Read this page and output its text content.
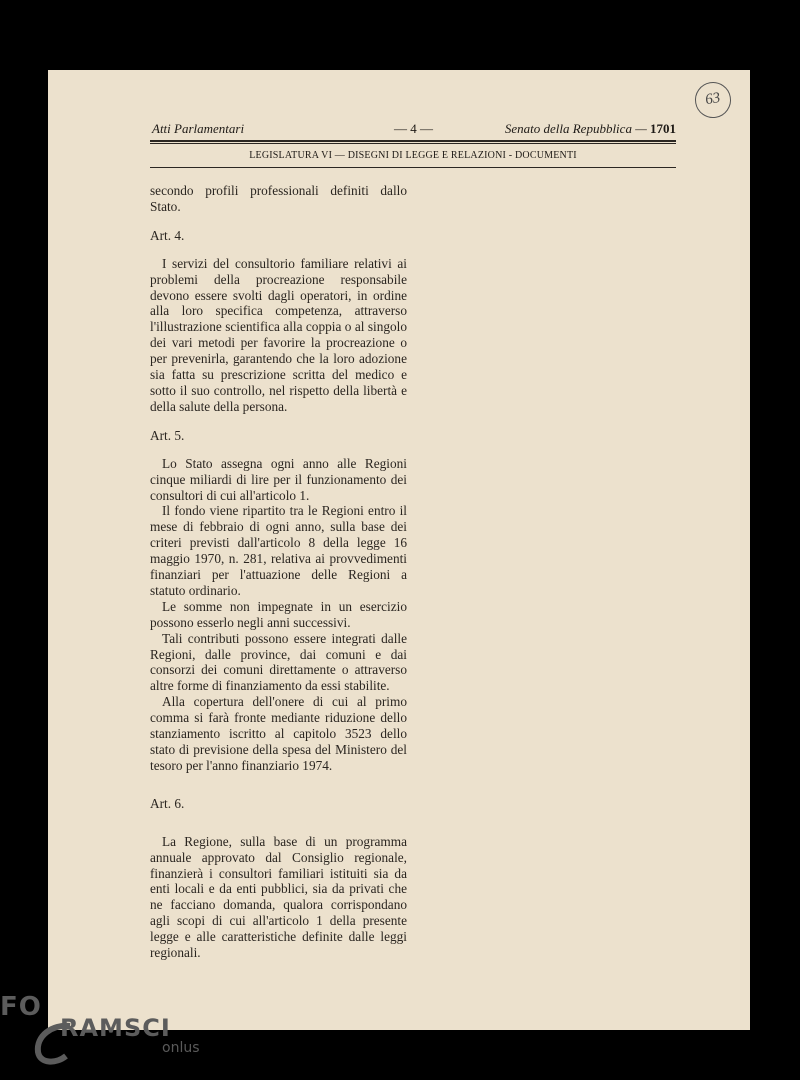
63
Atti Parlamentari	— 4 —	Senato della Repubblica — 1701
LEGISLATURA VI — DISEGNI DI LEGGE E RELAZIONI - DOCUMENTI

secondo profili professionali definiti dallo Stato.

Art. 4.

I servizi del consultorio familiare relativi ai problemi della procreazione responsabile devono essere svolti dagli operatori, in ordine alla loro specifica competenza, attraverso l'illustrazione scientifica alla coppia o al singolo dei vari metodi per favorire la procreazione o per prevenirla, garantendo che la loro adozione sia fatta su prescrizione scritta del medico e sotto il suo controllo, nel rispetto della libertà e della salute della persona.

Art. 5.

Lo Stato assegna ogni anno alle Regioni cinque miliardi di lire per il funzionamento dei consultori di cui all'articolo 1.

Il fondo viene ripartito tra le Regioni entro il mese di febbraio di ogni anno, sulla base dei criteri previsti dall'articolo 8 della legge 16 maggio 1970, n. 281, relativa ai provvedimenti finanziari per l'attuazione delle Regioni a statuto ordinario.

Le somme non impegnate in un esercizio possono esserlo negli anni successivi.

Tali contributi possono essere integrati dalle Regioni, dalle province, dai comuni e dai consorzi dei comuni direttamente o attraverso altre forme di finanziamento da essi stabilite.

Alla copertura dell'onere di cui al primo comma si farà fronte mediante riduzione dello stanziamento iscritto al capitolo 3523 dello stato di previsione della spesa del Ministero del tesoro per l'anno finanziario 1974.

Art. 6.

La Regione, sulla base di un programma annuale approvato dal Consiglio regionale, finanzierà i consultori familiari istituiti sia da enti locali e da enti pubblici, sia da privati che ne facciano domanda, qualora corrispondano agli scopi di cui all'articolo 1 della presente legge e alle caratteristiche definite dalle leggi regionali.

FO
RAMSCI
onlus
